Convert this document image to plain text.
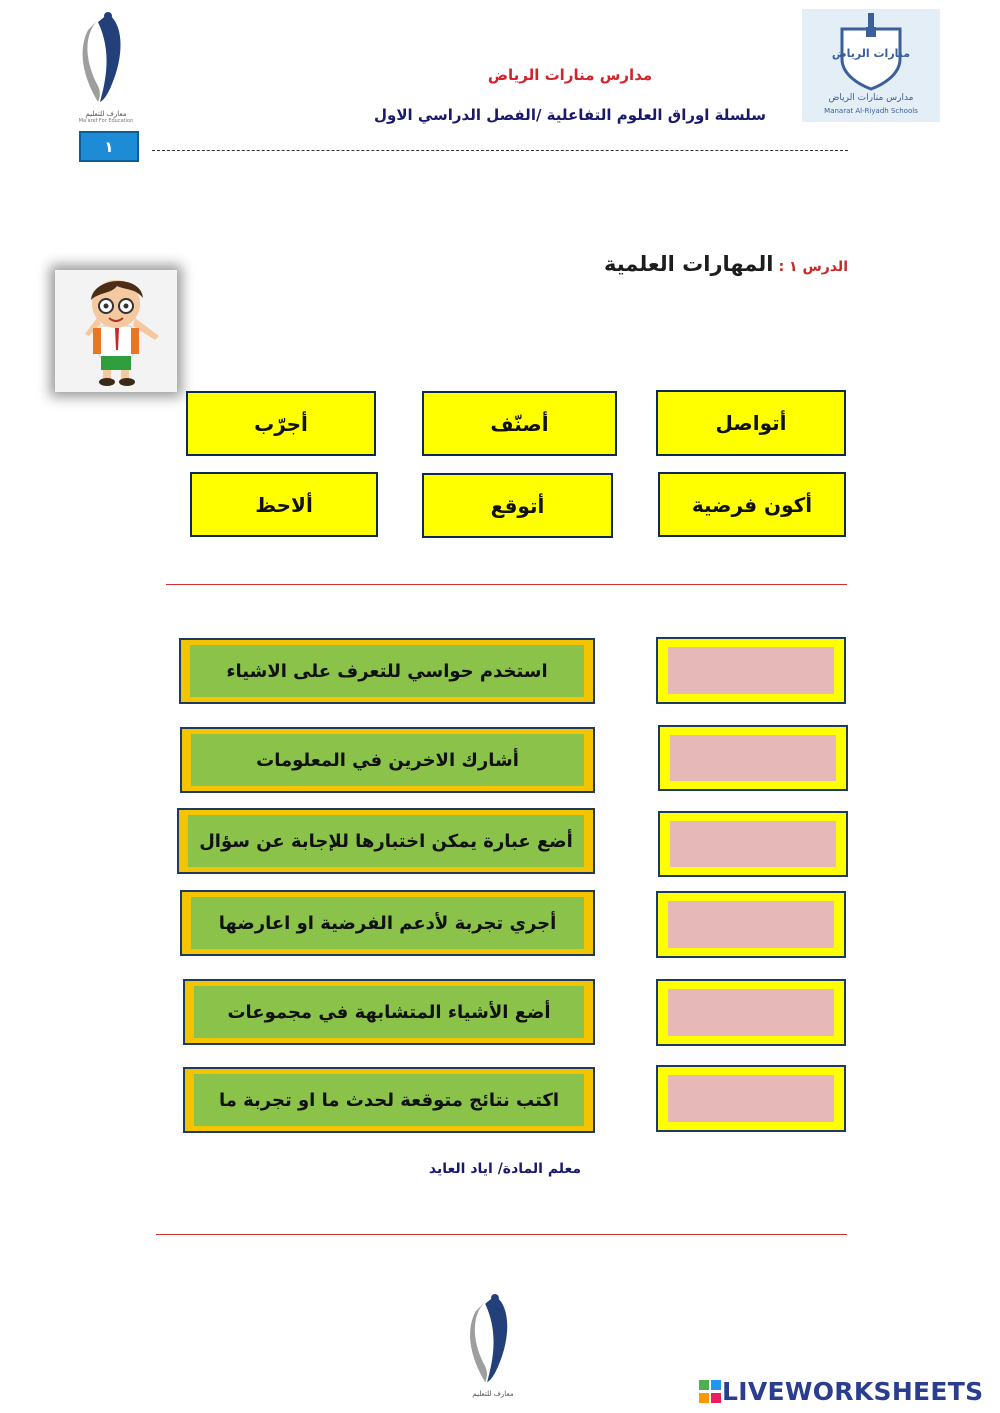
معارف للتعليم
Ma'aref For Education
منارات الرياض
مدارس منارات الرياض
Manarat Al-Riyadh Schools
مدارس منارات الرياض
سلسلة اوراق العلوم التفاعلية /الفصل الدراسي الاول
١
الدرس ١ : المهارات العلمية
أتواصل
أصنّف
أجرّب
أكون فرضية
أتوقع
ألاحظ
استخدم حواسي للتعرف على الاشياء
أشارك الاخرين في المعلومات
أضع عبارة يمكن اختبارها للإجابة عن سؤال
أجري تجربة لأدعم الفرضية او اعارضها
أضع الأشياء المتشابهة في مجموعات
اكتب نتائج متوقعة لحدث ما او تجربة ما
معلم المادة/ اياد العايد
معارف للتعليم	LIVEWORKSHEETS
